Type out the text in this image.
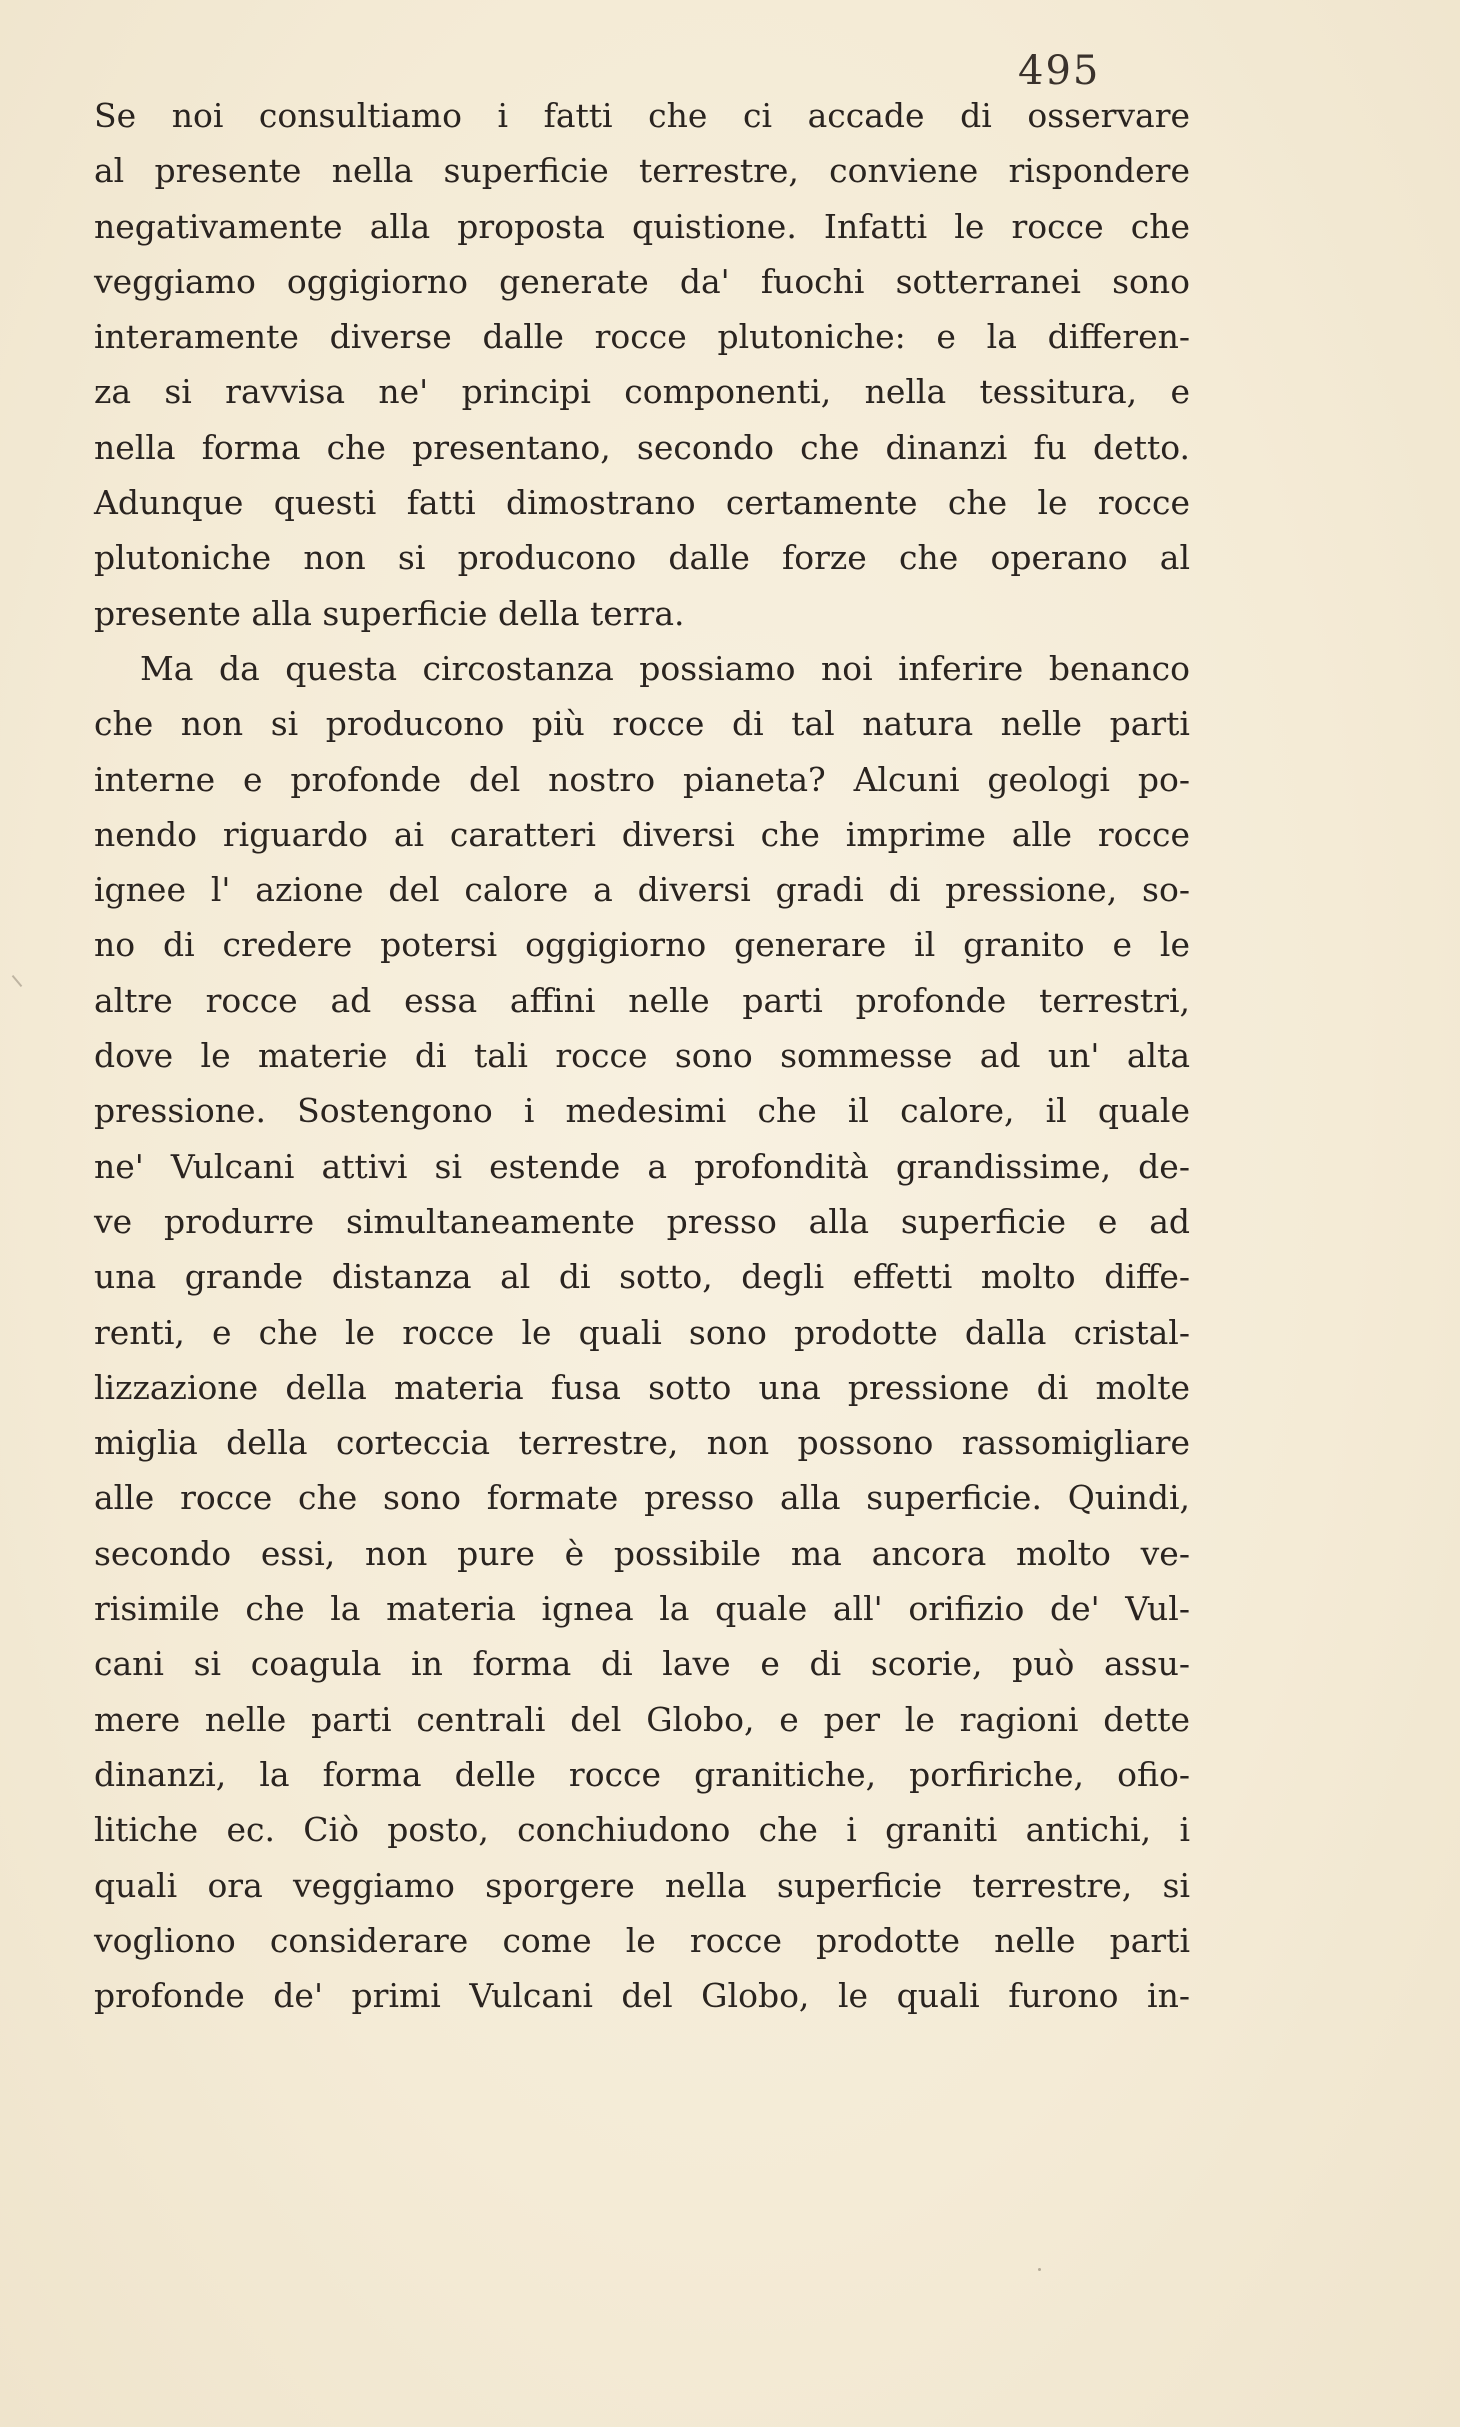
495
Se noi consultiamo i fatti che ci accade di osservare
al presente nella superficie terrestre, conviene rispondere
negativamente alla proposta quistione. Infatti le rocce che
veggiamo oggigiorno generate da' fuochi sotterranei sono
interamente diverse dalle rocce plutoniche: e la differen-
za si ravvisa ne' principi componenti, nella tessitura, e
nella forma che presentano, secondo che dinanzi fu detto.
Adunque questi fatti dimostrano certamente che le rocce
plutoniche non si producono dalle forze che operano al
presente alla superficie della terra.
Ma da questa circostanza possiamo noi inferire benanco
che non si producono più rocce di tal natura nelle parti
interne e profonde del nostro pianeta? Alcuni geologi po-
nendo riguardo ai caratteri diversi che imprime alle rocce
ignee l' azione del calore a diversi gradi di pressione, so-
no di credere potersi oggigiorno generare il granito e le
altre rocce ad essa affini nelle parti profonde terrestri,
dove le materie di tali rocce sono sommesse ad un' alta
pressione. Sostengono i medesimi che il calore, il quale
ne' Vulcani attivi si estende a profondità grandissime, de-
ve produrre simultaneamente presso alla superficie e ad
una grande distanza al di sotto, degli effetti molto diffe-
renti, e che le rocce le quali sono prodotte dalla cristal-
lizzazione della materia fusa sotto una pressione di molte
miglia della corteccia terrestre, non possono rassomigliare
alle rocce che sono formate presso alla superficie. Quindi,
secondo essi, non pure è possibile ma ancora molto ve-
risimile che la materia ignea la quale all' orifizio de' Vul-
cani si coagula in forma di lave e di scorie, può assu-
mere nelle parti centrali del Globo, e per le ragioni dette
dinanzi, la forma delle rocce granitiche, porfiriche, ofio-
litiche ec. Ciò posto, conchiudono che i graniti antichi, i
quali ora veggiamo sporgere nella superficie terrestre, si
vogliono considerare come le rocce prodotte nelle parti
profonde de' primi Vulcani del Globo, le quali furono in-
